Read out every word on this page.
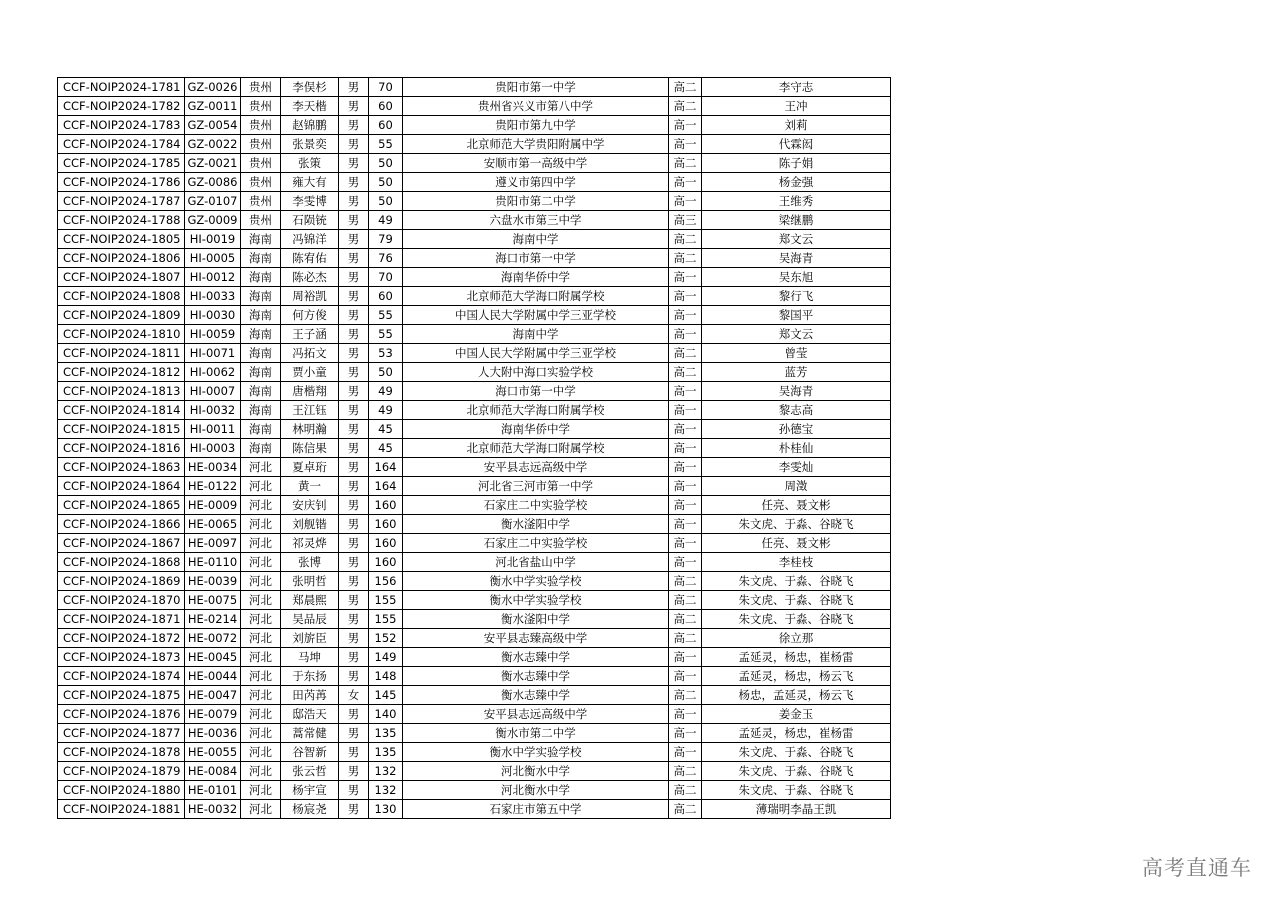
CCF-NOIP2024-1781	GZ-0026	贵州	李俣杉	男	70	贵阳市第一中学	高二	李守志
CCF-NOIP2024-1782	GZ-0011	贵州	李天楷	男	60	贵州省兴义市第八中学	高二	王冲
CCF-NOIP2024-1783	GZ-0054	贵州	赵锦鹏	男	60	贵阳市第九中学	高一	刘莉
CCF-NOIP2024-1784	GZ-0022	贵州	张景奕	男	55	北京师范大学贵阳附属中学	高一	代霖闳
CCF-NOIP2024-1785	GZ-0021	贵州	张策	男	50	安顺市第一高级中学	高二	陈子娟
CCF-NOIP2024-1786	GZ-0086	贵州	雍大有	男	50	遵义市第四中学	高一	杨金强
CCF-NOIP2024-1787	GZ-0107	贵州	李雯博	男	50	贵阳市第二中学	高一	王维秀
CCF-NOIP2024-1788	GZ-0009	贵州	石陨铳	男	49	六盘水市第三中学	高三	梁继鹏
CCF-NOIP2024-1805	HI-0019	海南	冯锦洋	男	79	海南中学	高二	郑文云
CCF-NOIP2024-1806	HI-0005	海南	陈宥佑	男	76	海口市第一中学	高二	吴海青
CCF-NOIP2024-1807	HI-0012	海南	陈必杰	男	70	海南华侨中学	高一	吴东旭
CCF-NOIP2024-1808	HI-0033	海南	周裕凯	男	60	北京师范大学海口附属学校	高一	黎行飞
CCF-NOIP2024-1809	HI-0030	海南	何方俊	男	55	中国人民大学附属中学三亚学校	高一	黎国平
CCF-NOIP2024-1810	HI-0059	海南	王子涵	男	55	海南中学	高一	郑文云
CCF-NOIP2024-1811	HI-0071	海南	冯拓文	男	53	中国人民大学附属中学三亚学校	高二	曾莹
CCF-NOIP2024-1812	HI-0062	海南	贾小童	男	50	人大附中海口实验学校	高二	蓝芳
CCF-NOIP2024-1813	HI-0007	海南	唐楷翔	男	49	海口市第一中学	高一	吴海青
CCF-NOIP2024-1814	HI-0032	海南	王江钰	男	49	北京师范大学海口附属学校	高一	黎志高
CCF-NOIP2024-1815	HI-0011	海南	林明瀚	男	45	海南华侨中学	高一	孙德宝
CCF-NOIP2024-1816	HI-0003	海南	陈信果	男	45	北京师范大学海口附属学校	高一	朴桂仙
CCF-NOIP2024-1863	HE-0034	河北	夏卓珩	男	164	安平县志远高级中学	高一	李雯灿
CCF-NOIP2024-1864	HE-0122	河北	黄一	男	164	河北省三河市第一中学	高一	周澂
CCF-NOIP2024-1865	HE-0009	河北	安庆钊	男	160	石家庄二中实验学校	高一	任亮、聂文彬
CCF-NOIP2024-1866	HE-0065	河北	刘舰锴	男	160	衡水滏阳中学	高一	朱文虎、于淼、谷晓飞
CCF-NOIP2024-1867	HE-0097	河北	祁灵烨	男	160	石家庄二中实验学校	高一	任亮、聂文彬
CCF-NOIP2024-1868	HE-0110	河北	张博	男	160	河北省盐山中学	高一	李桂枝
CCF-NOIP2024-1869	HE-0039	河北	张明哲	男	156	衡水中学实验学校	高二	朱文虎、于淼、谷晓飞
CCF-NOIP2024-1870	HE-0075	河北	郑晨熙	男	155	衡水中学实验学校	高二	朱文虎、于淼、谷晓飞
CCF-NOIP2024-1871	HE-0214	河北	吴品辰	男	155	衡水滏阳中学	高二	朱文虎、于淼、谷晓飞
CCF-NOIP2024-1872	HE-0072	河北	刘旂臣	男	152	安平县志臻高级中学	高二	徐立那
CCF-NOIP2024-1873	HE-0045	河北	马坤	男	149	衡水志臻中学	高一	孟延灵，杨忠，崔杨雷
CCF-NOIP2024-1874	HE-0044	河北	于东扬	男	148	衡水志臻中学	高一	孟延灵，杨忠，杨云飞
CCF-NOIP2024-1875	HE-0047	河北	田芮苒	女	145	衡水志臻中学	高二	杨忠，孟延灵，杨云飞
CCF-NOIP2024-1876	HE-0079	河北	邸浩天	男	140	安平县志远高级中学	高一	姜金玉
CCF-NOIP2024-1877	HE-0036	河北	蒿常健	男	135	衡水市第二中学	高一	孟延灵，杨忠，崔杨雷
CCF-NOIP2024-1878	HE-0055	河北	谷智新	男	135	衡水中学实验学校	高一	朱文虎、于淼、谷晓飞
CCF-NOIP2024-1879	HE-0084	河北	张云哲	男	132	河北衡水中学	高二	朱文虎、于淼、谷晓飞
CCF-NOIP2024-1880	HE-0101	河北	杨宇宣	男	132	河北衡水中学	高二	朱文虎、于淼、谷晓飞
CCF-NOIP2024-1881	HE-0032	河北	杨宸尧	男	130	石家庄市第五中学	高二	薄瑞明李晶王凯
高考直通车
